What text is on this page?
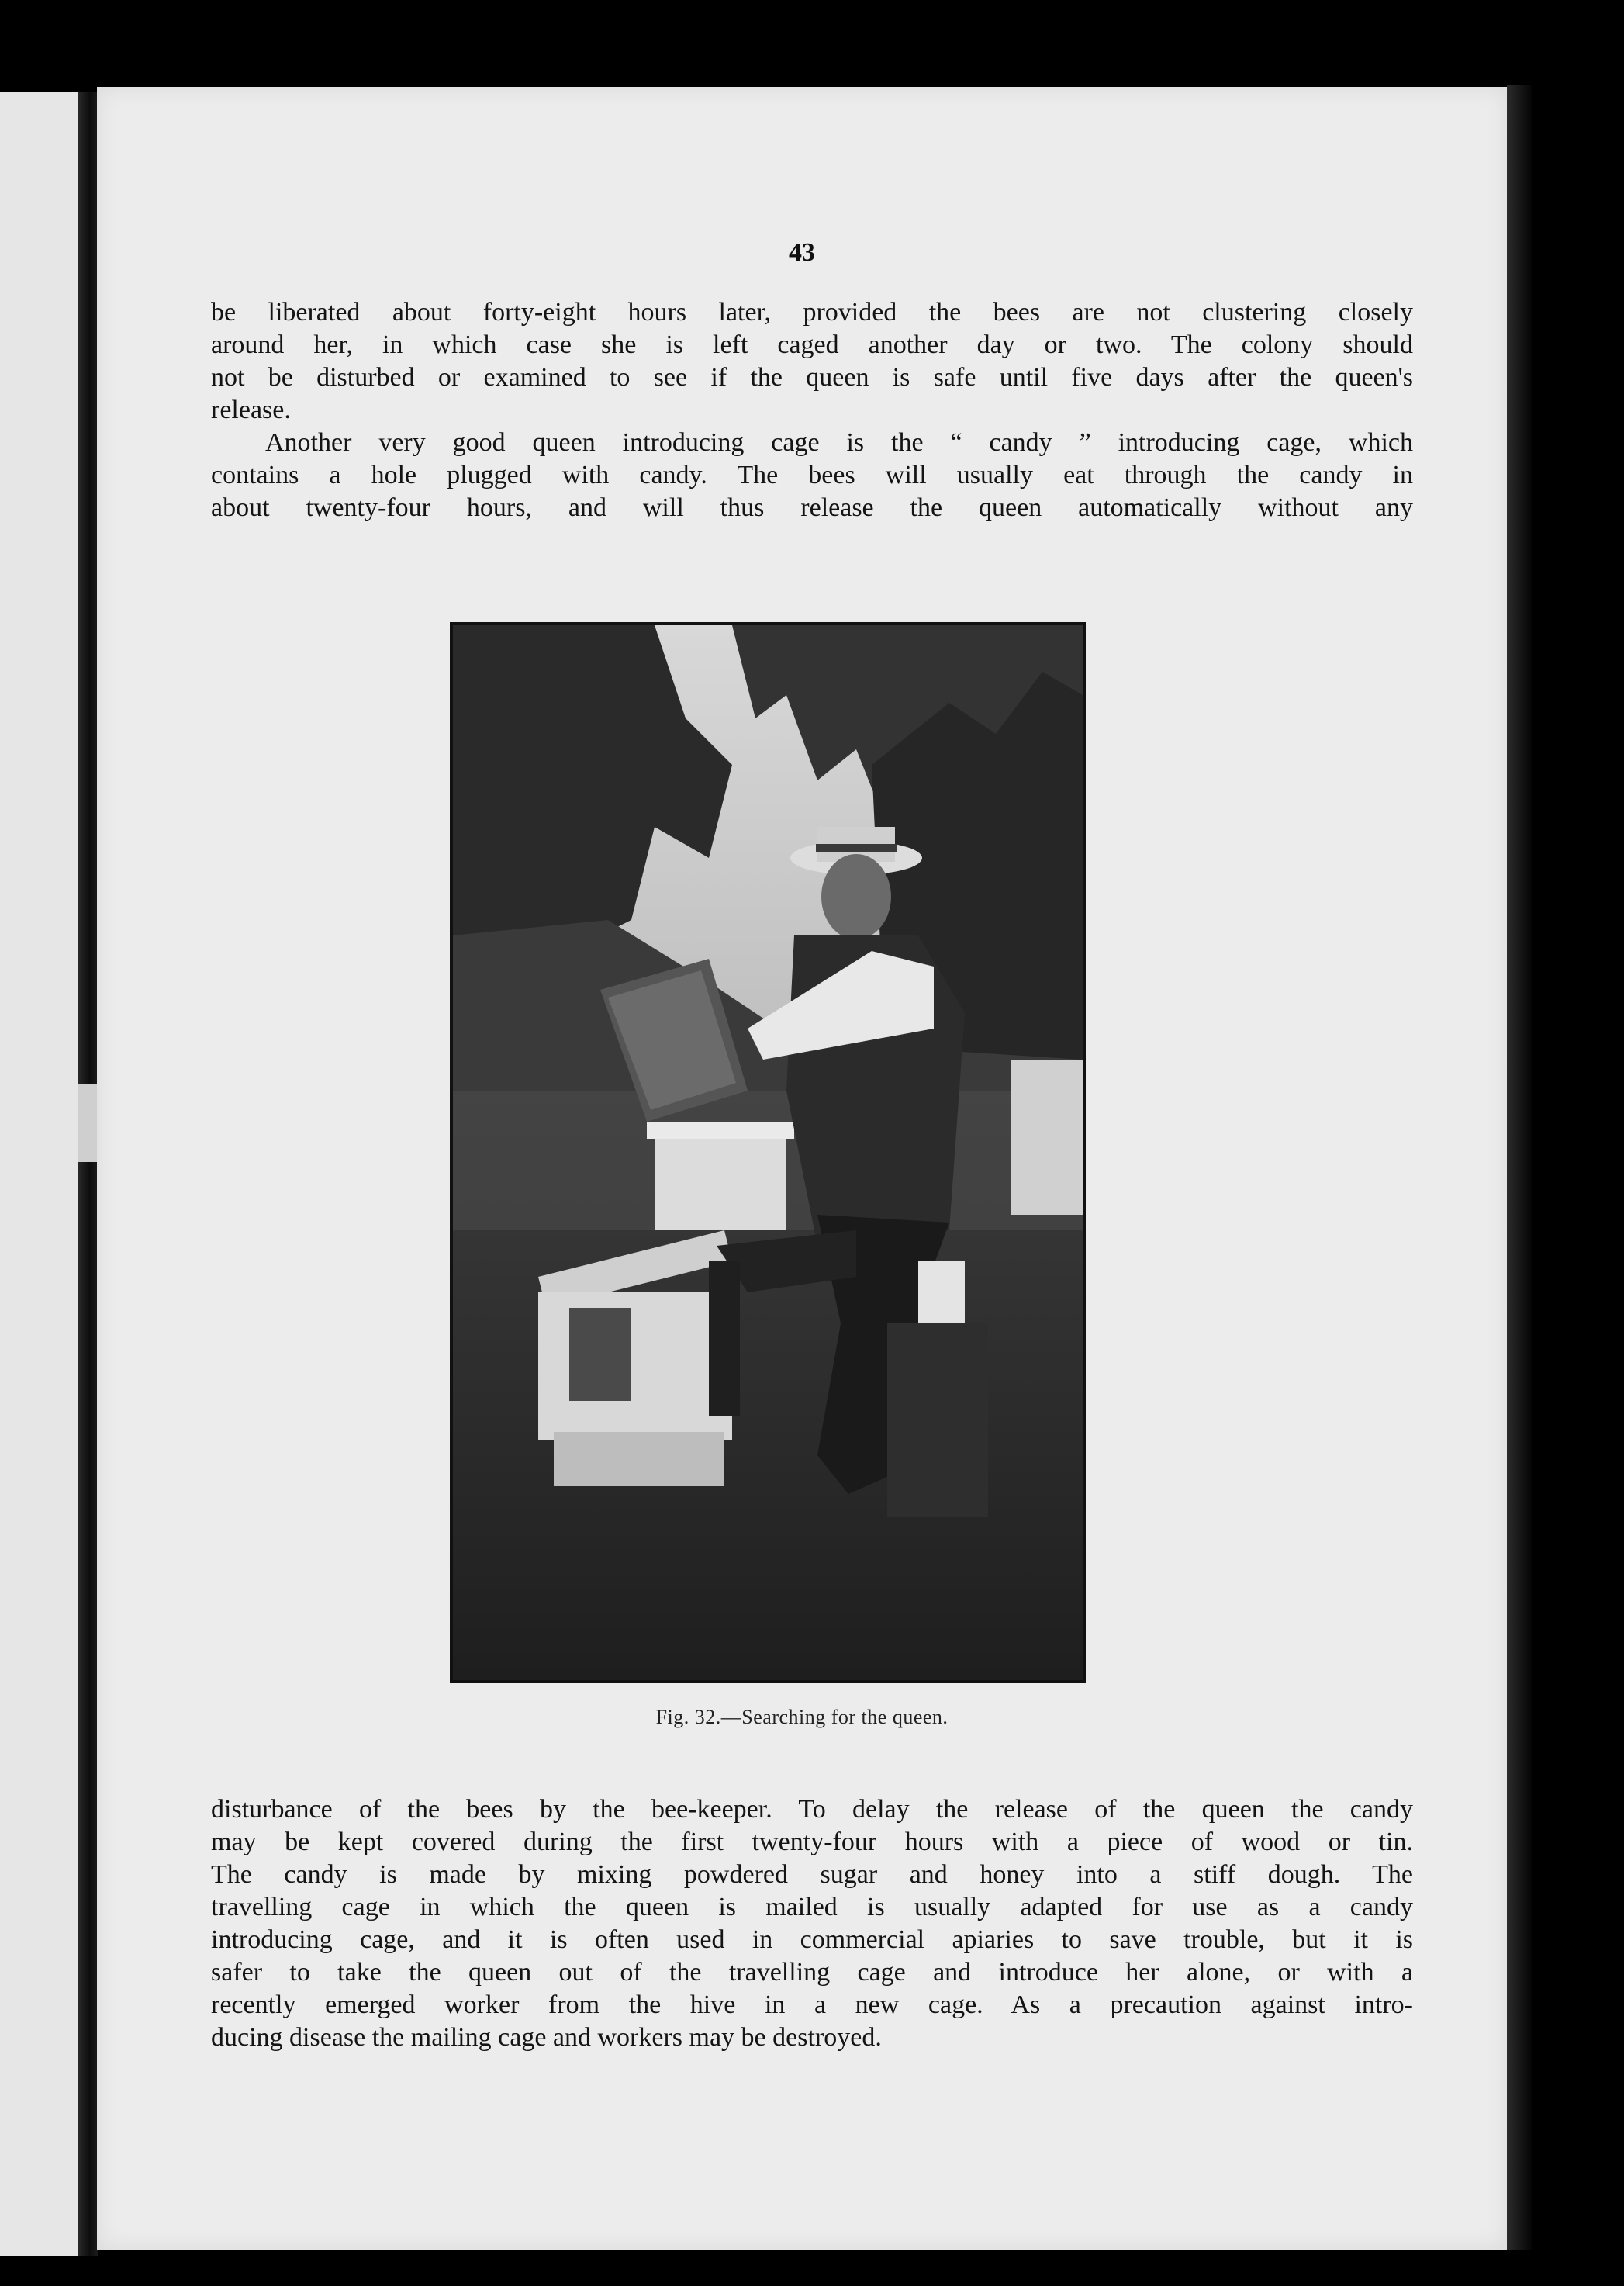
43

be liberated about forty-eight hours later, provided the bees are not clustering closely
around her, in which case she is left caged another day or two. The colony should
not be disturbed or examined to see if the queen is safe until five days after the queen's
release.

Another very good queen introducing cage is the “ candy ” introducing cage, which
contains a hole plugged with candy. The bees will usually eat through the candy in
about twenty-four hours, and will thus release the queen automatically without any

Fig. 32.—Searching for the queen.

disturbance of the bees by the bee-keeper. To delay the release of the queen the candy
may be kept covered during the first twenty-four hours with a piece of wood or tin.
The candy is made by mixing powdered sugar and honey into a stiff dough. The
travelling cage in which the queen is mailed is usually adapted for use as a candy
introducing cage, and it is often used in commercial apiaries to save trouble, but it is
safer to take the queen out of the travelling cage and introduce her alone, or with a
recently emerged worker from the hive in a new cage. As a precaution against intro-
ducing disease the mailing cage and workers may be destroyed.
